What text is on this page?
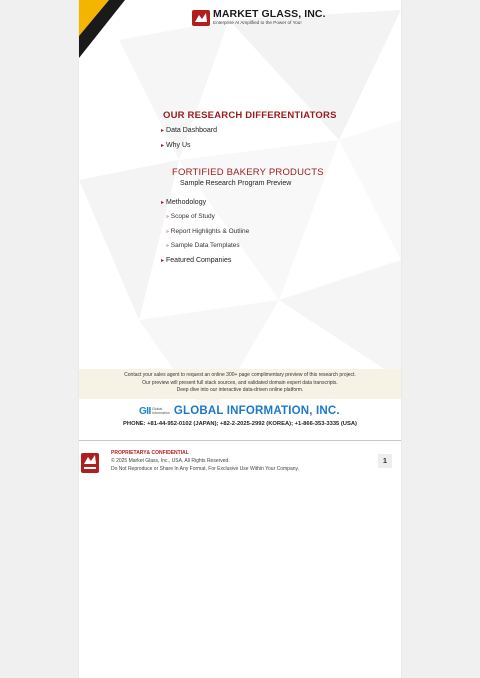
MARKET GLASS, INC.
Enterprise AI Amplified to the Power of You!
OUR RESEARCH DIFFERENTIATORS
▸ Data Dashboard
▸ Why Us
FORTIFIED BAKERY PRODUCTS
Sample Research Program Preview
▸ Methodology
» Scope of Study
» Report Highlights & Outline
» Sample Data Templates
▸ Featured Companies
Contact your sales agent to request an online 300+ page complimentary preview of this research project.
Our preview will present full stack sources, and validated domain expert data transcripts.
Deep dive into our interactive data-driven online platform.
GII Global
Information GLOBAL INFORMATION, INC.
PHONE: +81-44-952-0102 (JAPAN); +82-2-2025-2992 (KOREA); +1-866-353-3335 (USA)
PROPRIETARY& CONFIDENTIAL
© 2025 Market Glass, Inc., USA, All Rights Reserved.
Do Not Reproduce or Share In Any Format, For Exclusive Use Within Your Company.
1
